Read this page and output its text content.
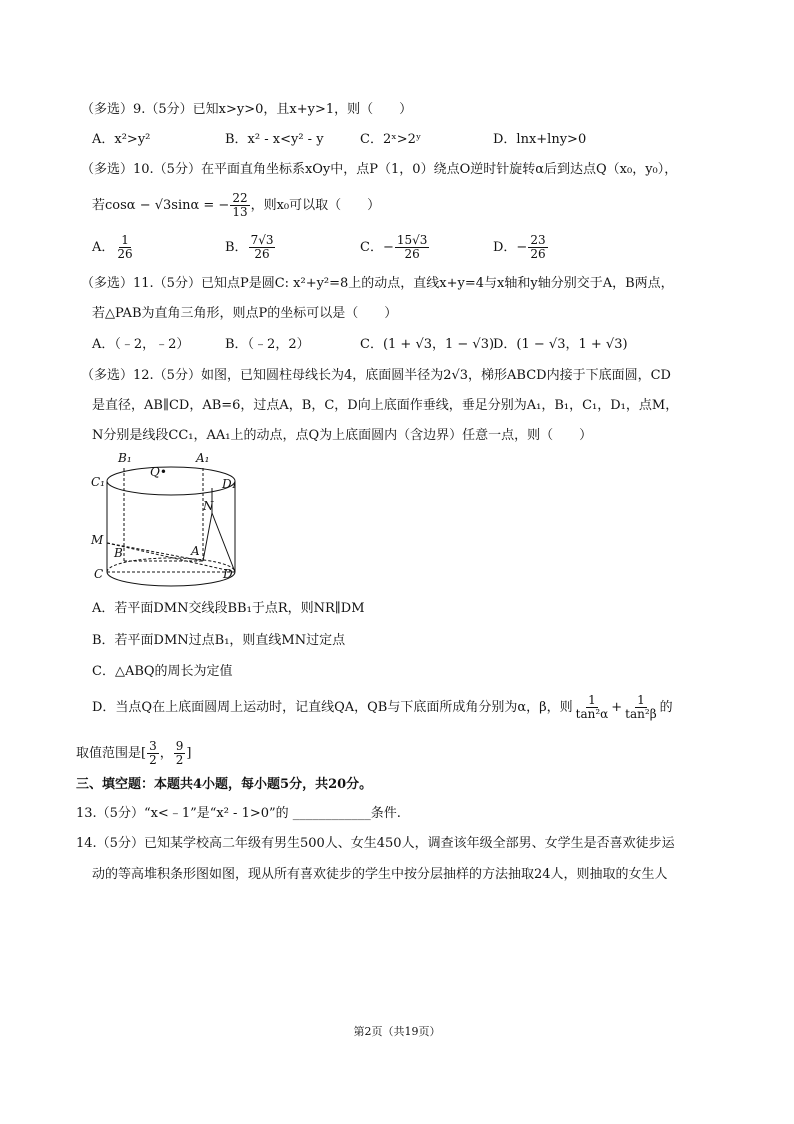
（多选）9.（5分）已知x>y>0，且x+y>1，则（　　）
A．x²>y²	B．x² - x<y² - y	C．2ˣ>2ʸ	D．lnx+lny>0
（多选）10.（5分）在平面直角坐标系xOy中，点P（1，0）绕点O逆时针旋转α后到达点Q（x₀，y₀），
若cosα − √3sinα = − $\frac{22}{13}$ ，则x₀可以取（　　）
A． $\frac{1}{26}$	B． $\frac{7√3}{26}$	C．− $\frac{15√3}{26}$	D．− $\frac{23}{26}$
（多选）11.（5分）已知点P是圆C: x²+y²=8上的动点，直线x+y=4与x轴和y轴分别交于A，B两点，
若△PAB为直角三角形，则点P的坐标可以是（　　）
A．（﹣2，﹣2）	B．（﹣2，2）	C．(1 + √3，1 − √3)
D．(1 − √3，1 + √3)
（多选）12.（5分）如图，已知圆柱母线长为4，底面圆半径为2√3，梯形ABCD内接于下底面圆，CD
是直径，AB∥CD，AB=6，过点A，B，C，D向上底面作垂线，垂足分别为A₁，B₁，C₁，D₁，点M，
N分别是线段CC₁，AA₁上的动点，点Q为上底面圆内（含边界）任意一点，则（　　）
B₁	A₁
Q•
C₁	D₁
N
M
B	A
C	D
A．若平面DMN交线段BB₁于点R，则NR∥DM
B．若平面DMN过点B₁，则直线MN过定点
C．△ABQ的周长为定值
D．当点Q在上底面圆周上运动时，记直线QA，QB与下底面所成角分别为α，β，则 $\frac{1}{\text{tan²α}} + \frac{1}{\text{tan²β}}$ 的
取值范围是[ $\frac{3}{2}$ ， $\frac{9}{2}$ ]
三、填空题：本题共4小题，每小题5分，共20分。
13.（5分）“x<﹣1”是“x² - 1>0”的 ____________条件.
14.（5分）已知某学校高二年级有男生500人、女生450人，调查该年级全部男、女学生是否喜欢徒步运
动的等高堆积条形图如图，现从所有喜欢徒步的学生中按分层抽样的方法抽取24人，则抽取的女生人
第2页（共19页）
